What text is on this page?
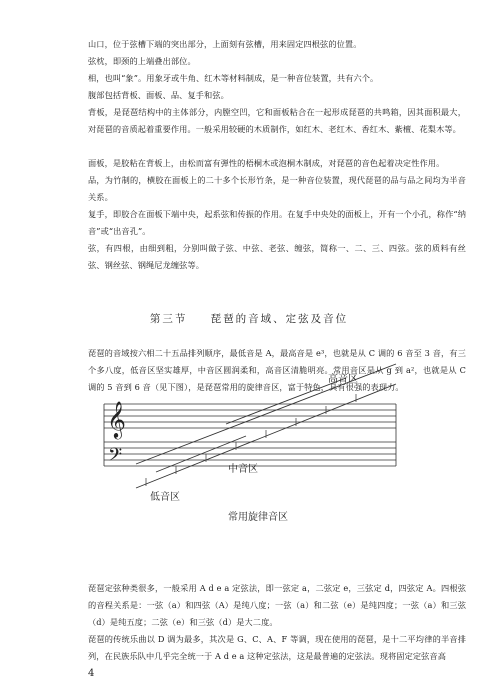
山口，位于弦槽下端的突出部分，上面刻有弦槽，用来固定四根弦的位置。

弦枕，即颈的上端叠出部位。

相，也叫“象”。用象牙或牛角、红木等材料制成，是一种音位装置，共有六个。

腹部包括背板、面板、品、复手和弦。

背板，是琵琶结构中的主体部分，内膛空凹，它和面板粘合在一起形成琵琶的共鸣箱，因其面积最大，对琵琶的音质起着重要作用。一般采用较硬的木质制作，如红木、老红木、香红木、紫檀、花梨木等。

面板，是胶粘在背板上，由松而富有弹性的梧桐木或泡桐木制成，对琵琶的音色起着决定性作用。

品，为竹制的，横胶在面板上的二十多个长形竹条，是一种音位装置，现代琵琶的品与品之间均为半音关系。

复手，即胶合在面板下端中央，起系弦和传振的作用。在复手中央处的面板上，开有一个小孔，称作“纳音”或“出音孔”。

弦，有四根，由细到粗，分别叫做子弦、中弦、老弦、缠弦，简称一、二、三、四弦。弦的质料有丝弦、钢丝弦、钢绳尼龙缠弦等。

第三节 琵琶的音域、定弦及音位

琵琶的音域按六相二十五品排列顺序，最低音是 A，最高音是 e³，也就是从 C 调的 6 音至 3 音，有三个多八度，低音区坚实雄厚，中音区圆润柔和，高音区清脆明亮。常用音区是从 g 到 a²，也就是从 C 调的 5 音到 6 音（见下图），是琵琶常用的旋律音区，富于特色，具有很强的表现力。

𝄞
𝄢
低音区
中音区
高音区
常用旋律音区

琵琶定弦种类很多，一般采用 A d e a 定弦法，即一弦定 a，二弦定 e，三弦定 d，四弦定 A。四根弦的音程关系是：一弦（a）和四弦（A）是纯八度；一弦（a）和二弦（e）是纯四度；一弦（a）和三弦（d）是纯五度；二弦（e）和三弦（d）是大二度。

琵琶的传统乐曲以 D 调为最多，其次是 G、C、A、F 等调，现在使用的琵琶，是十二平均律的半音排列，在民族乐队中几乎完全统一于 A d e a 这种定弦法，这是最普遍的定弦法。现将固定定弦音高

4
